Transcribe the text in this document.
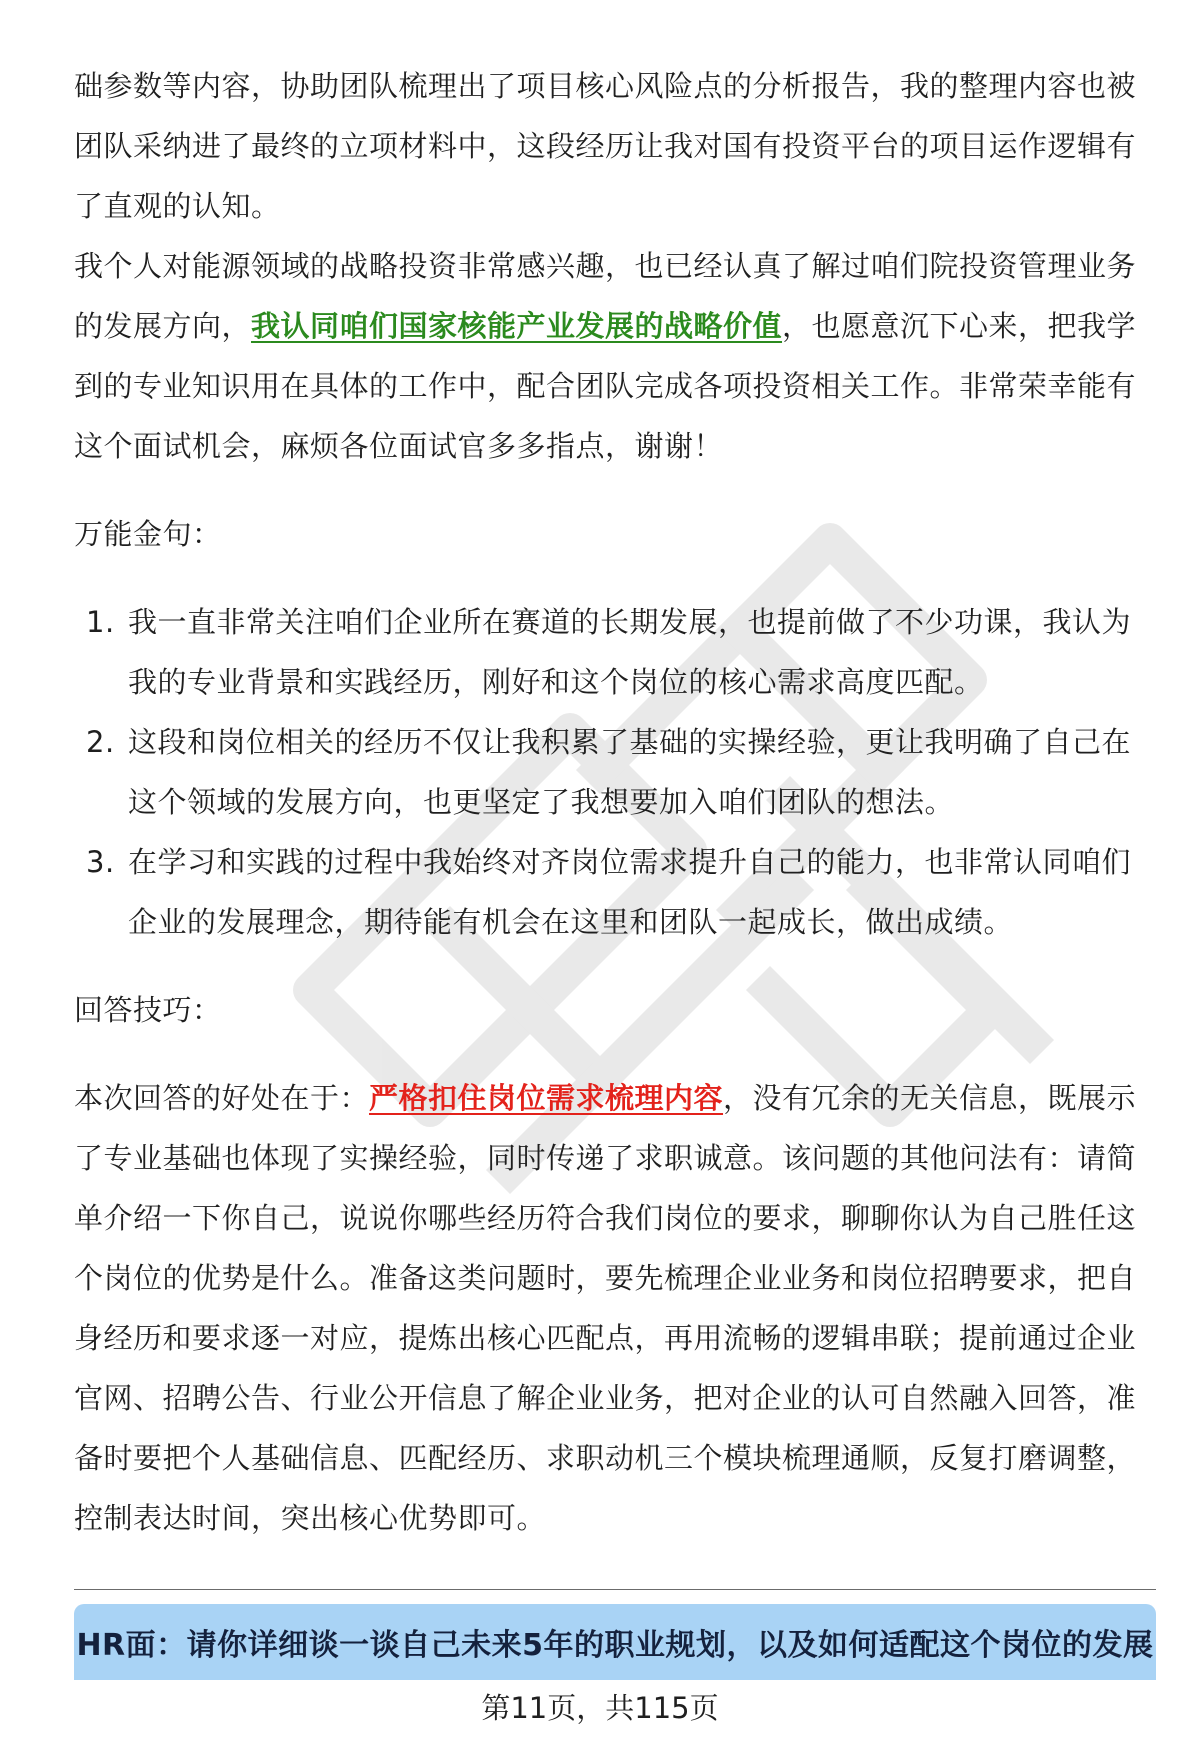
础参数等内容，协助团队梳理出了项目核心风险点的分析报告，我的整理内容也被团队采纳进了最终的立项材料中，这段经历让我对国有投资平台的项目运作逻辑有了直观的认知。

我个人对能源领域的战略投资非常感兴趣，也已经认真了解过咱们院投资管理业务的发展方向，我认同咱们国家核能产业发展的战略价值，也愿意沉下心来，把我学到的专业知识用在具体的工作中，配合团队完成各项投资相关工作。非常荣幸能有这个面试机会，麻烦各位面试官多多指点，谢谢！

万能金句：

1. 我一直非常关注咱们企业所在赛道的长期发展，也提前做了不少功课，我认为我的专业背景和实践经历，刚好和这个岗位的核心需求高度匹配。
2. 这段和岗位相关的经历不仅让我积累了基础的实操经验，更让我明确了自己在这个领域的发展方向，也更坚定了我想要加入咱们团队的想法。
3. 在学习和实践的过程中我始终对齐岗位需求提升自己的能力，也非常认同咱们企业的发展理念，期待能有机会在这里和团队一起成长，做出成绩。

回答技巧：

本次回答的好处在于：严格扣住岗位需求梳理内容，没有冗余的无关信息，既展示了专业基础也体现了实操经验，同时传递了求职诚意。该问题的其他问法有：请简单介绍一下你自己，说说你哪些经历符合我们岗位的要求，聊聊你认为自己胜任这个岗位的优势是什么。准备这类问题时，要先梳理企业业务和岗位招聘要求，把自身经历和要求逐一对应，提炼出核心匹配点，再用流畅的逻辑串联；提前通过企业官网、招聘公告、行业公开信息了解企业业务，把对企业的认可自然融入回答，准备时要把个人基础信息、匹配经历、求职动机三个模块梳理通顺，反复打磨调整，控制表达时间，突出核心优势即可。

HR面：请你详细谈一谈自己未来5年的职业规划，以及如何适配这个岗位的发展
第11页，共115页
